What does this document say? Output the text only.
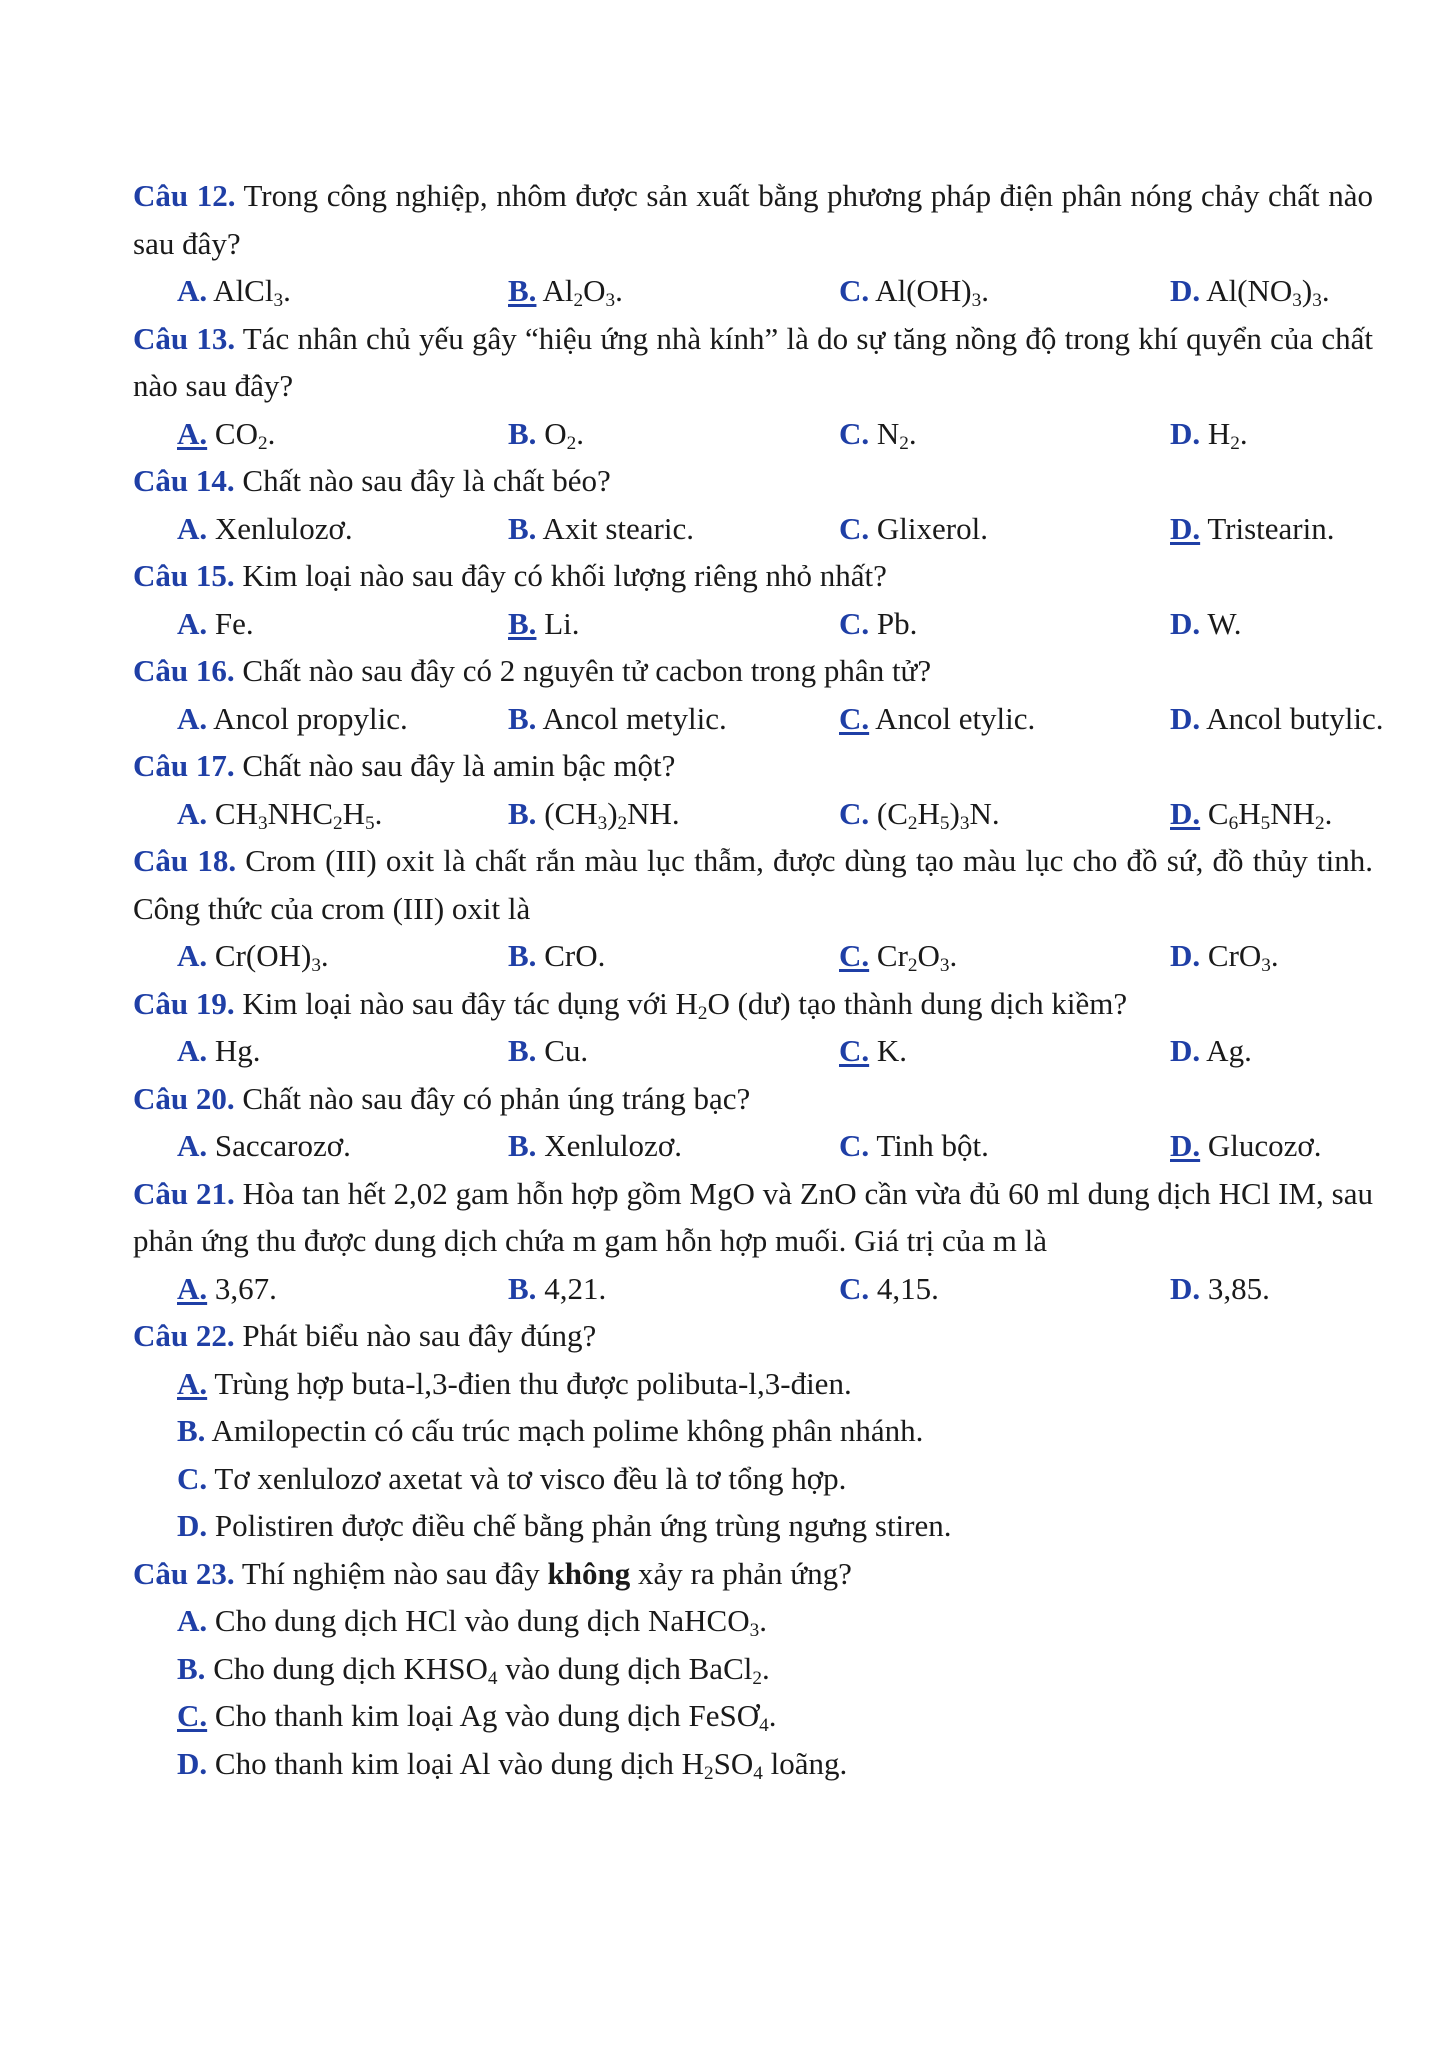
Câu 12. Trong công nghiệp, nhôm được sản xuất bằng phương pháp điện phân nóng chảy chất nào sau đây?
A. AlCl$_3$.	B. $Al_2O_3$.	C. $Al(OH)_3$.	D. $Al(NO_3)_3$.
Câu 13. Tác nhân chủ yếu gây “hiệu ứng nhà kính” là do sự tăng nồng độ trong khí quyển của chất nào sau đây?
A. $CO_2$.	B. $O_2$.	C. $N_2$.	D. $H_2$.
Câu 14. Chất nào sau đây là chất béo?
A. Xenlulozơ.	B. Axit stearic.	C. Glixerol.	D. Tristearin.
Câu 15. Kim loại nào sau đây có khối lượng riêng nhỏ nhất?
A. Fe.	B. Li.	C. Pb.	D. W.
Câu 16. Chất nào sau đây có 2 nguyên tử cacbon trong phân tử?
A. Ancol propylic.	B. Ancol metylic.	C. Ancol etylic.	D. Ancol butylic.
Câu 17. Chất nào sau đây là amin bậc một?
A. $CH_3NHC_2H_5$.	B. $(CH_3)_2NH$.	C. $(C_2H_5)_3N$.	D. $C_6H_5NH_2$.
Câu 18. Crom (III) oxit là chất rắn màu lục thẫm, được dùng tạo màu lục cho đồ sứ, đồ thủy tinh. Công thức của crom (III) oxit là
A. $Cr(OH)_3$.	B. CrO.	C. $Cr_2O_3$.	D. CrO$_3$.
Câu 19. Kim loại nào sau đây tác dụng với $H_2O$ (dư) tạo thành dung dịch kiềm?
A. Hg.	B. Cu.	C. K.	D. Ag.
Câu 20. Chất nào sau đây có phản úng tráng bạc?
A. Saccarozơ.	B. Xenlulozơ.	C. Tinh bột.	D. Glucozơ.
Câu 21. Hòa tan hết 2,02 gam hỗn hợp gồm MgO và ZnO cần vừa đủ 60 ml dung dịch HCl IM, sau phản ứng thu được dung dịch chứa m gam hỗn hợp muối. Giá trị của m là
A. 3,67.	B. 4,21.	C. 4,15.	D. 3,85.
Câu 22. Phát biểu nào sau đây đúng?
A. Trùng hợp buta-l,3-đien thu được polibuta-l,3-đien.
B. Amilopectin có cấu trúc mạch polime không phân nhánh.
C. Tơ xenlulozơ axetat và tơ visco đều là tơ tổng hợp.
D. Polistiren được điều chế bằng phản ứng trùng ngưng stiren.
Câu 23. Thí nghiệm nào sau đây không xảy ra phản ứng?
A. Cho dung dịch HCl vào dung dịch NaHCO$_3$.
B. Cho dung dịch $KHSO_4$ vào dung dịch BaCl$_2$.
C. Cho thanh kim loại Ag vào dung dịch FeSƠ$_4$.
D. Cho thanh kim loại Al vào dung dịch $H_2SO_4$ loãng.
